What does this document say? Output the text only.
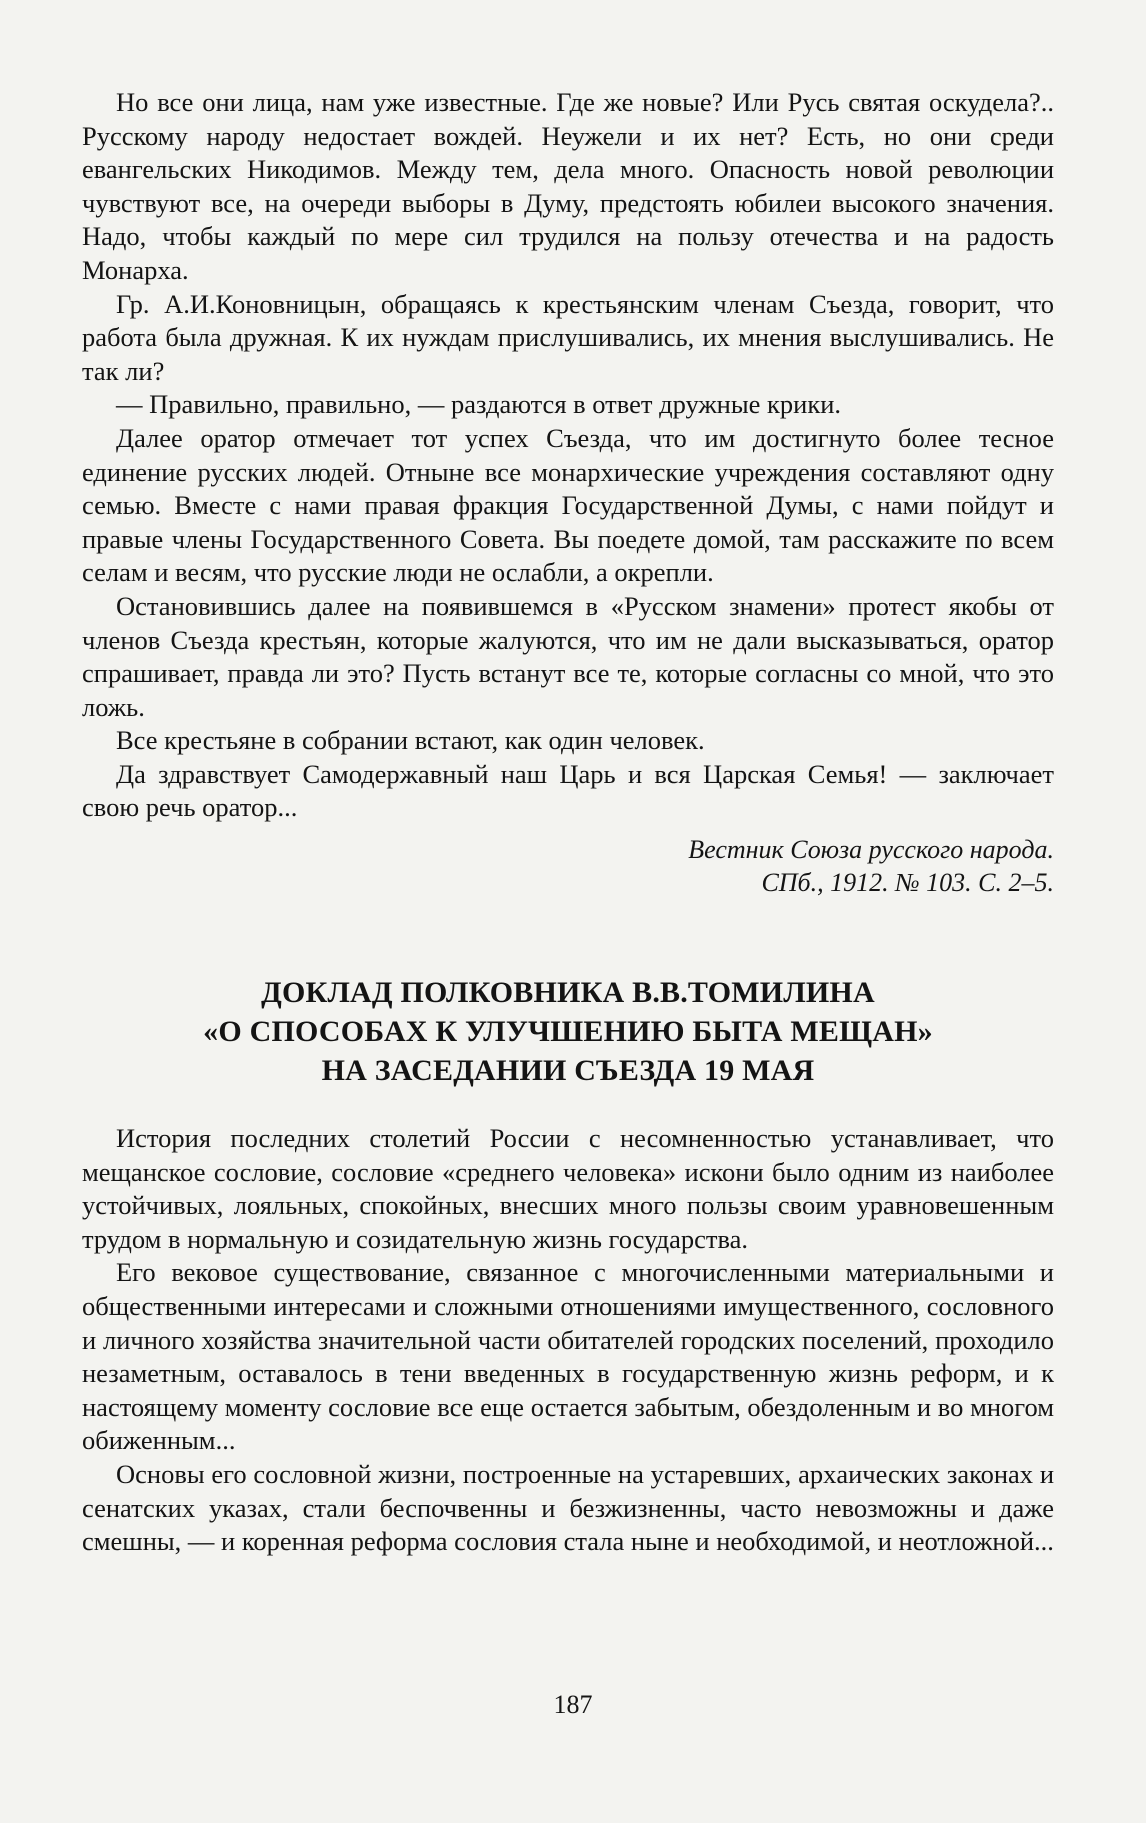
Но все они лица, нам уже известные. Где же новые? Или Русь святая оскудела?.. Русскому народу недостает вождей. Неужели и их нет? Есть, но они среди евангельских Никодимов. Между тем, дела много. Опасность новой революции чувствуют все, на очереди выборы в Думу, предстоять юбилеи высокого значения. Надо, чтобы каждый по мере сил трудился на пользу отечества и на радость Монарха.

Гр. А.И.Коновницын, обращаясь к крестьянским членам Съезда, говорит, что работа была дружная. К их нуждам прислушивались, их мнения выслушивались. Не так ли?

— Правильно, правильно, — раздаются в ответ дружные крики.

Далее оратор отмечает тот успех Съезда, что им достигнуто более тесное единение русских людей. Отныне все монархические учреждения составляют одну семью. Вместе с нами правая фракция Государственной Думы, с нами пойдут и правые члены Государственного Совета. Вы поедете домой, там расскажите по всем селам и весям, что русские люди не ослабли, а окрепли.

Остановившись далее на появившемся в «Русском знамени» протест якобы от членов Съезда крестьян, которые жалуются, что им не дали высказываться, оратор спрашивает, правда ли это? Пусть встанут все те, которые согласны со мной, что это ложь.

Все крестьяне в собрании встают, как один человек.

Да здравствует Самодержавный наш Царь и вся Царская Семья! — заключает свою речь оратор...

Вестник Союза русского народа.
СПб., 1912. № 103. С. 2–5.
ДОКЛАД ПОЛКОВНИКА В.В.ТОМИЛИНА
«О СПОСОБАХ К УЛУЧШЕНИЮ БЫТА МЕЩАН»
НА ЗАСЕДАНИИ СЪЕЗДА 19 МАЯ

История последних столетий России с несомненностью устанавливает, что мещанское сословие, сословие «среднего человека» искони было одним из наиболее устойчивых, лояльных, спокойных, внесших много пользы своим уравновешенным трудом в нормальную и созидательную жизнь государства.

Его вековое существование, связанное с многочисленными материальными и общественными интересами и сложными отношениями имущественного, сословного и личного хозяйства значительной части обитателей городских поселений, проходило незаметным, оставалось в тени введенных в государственную жизнь реформ, и к настоящему моменту сословие все еще остается забытым, обездоленным и во многом обиженным...

Основы его сословной жизни, построенные на устаревших, архaических законах и сенатских указах, стали беспочвенны и безжизненны, часто невозможны и даже смешны, — и коренная реформа сословия стала ныне и необходимой, и неотложной...

187
